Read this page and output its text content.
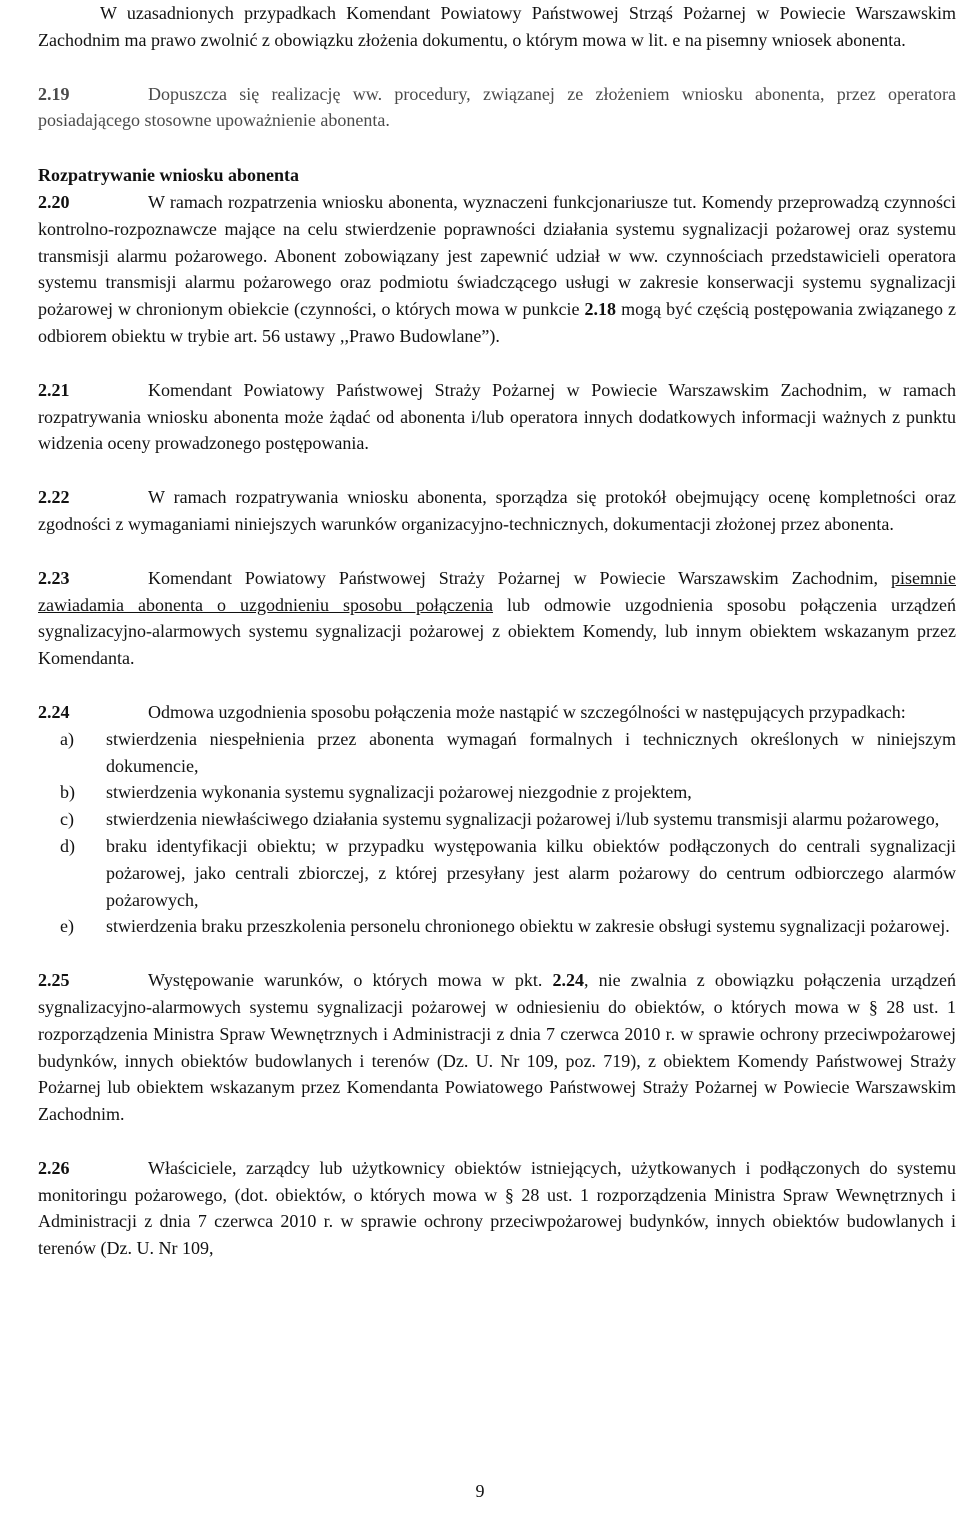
W uzasadnionych przypadkach Komendant Powiatowy Państwowej Strząś Pożarnej w Powiecie Warszawskim Zachodnim ma prawo zwolnić z obowiązku złożenia dokumentu, o którym mowa w lit. e na pisemny wniosek abonenta.

2.19	Dopuszcza się realizację ww. procedury, związanej ze złożeniem wniosku abonenta, przez operatora posiadającego stosowne upoważnienie abonenta.

Rozpatrywanie wniosku abonenta

2.20	W ramach rozpatrzenia wniosku abonenta, wyznaczeni funkcjonariusze tut. Komendy przeprowadzą czynności kontrolno-rozpoznawcze mające na celu stwierdzenie poprawności działania systemu sygnalizacji pożarowej oraz systemu transmisji alarmu pożarowego. Abonent zobowiązany jest zapewnić udział w ww. czynnościach przedstawicieli operatora systemu transmisji alarmu pożarowego oraz podmiotu świadczącego usługi w zakresie konserwacji systemu sygnalizacji pożarowej w chronionym obiekcie (czynności, o których mowa w punkcie 2.18 mogą być częścią postępowania związanego z odbiorem obiektu w trybie art. 56 ustawy ,,Prawo Budowlane”).

2.21	Komendant Powiatowy Państwowej Straży Pożarnej w Powiecie Warszawskim Zachodnim, w ramach rozpatrywania wniosku abonenta może żądać od abonenta i/lub operatora innych dodatkowych informacji ważnych z punktu widzenia oceny prowadzonego postępowania.

2.22	W ramach rozpatrywania wniosku abonenta, sporządza się protokół obejmujący ocenę kompletności oraz zgodności z wymaganiami niniejszych warunków organizacyjno-technicznych, dokumentacji złożonej przez abonenta.

2.23	Komendant Powiatowy Państwowej Straży Pożarnej w Powiecie Warszawskim Zachodnim, pisemnie zawiadamia abonenta o uzgodnieniu sposobu połączenia lub odmowie uzgodnienia sposobu połączenia urządzeń sygnalizacyjno-alarmowych systemu sygnalizacji pożarowej z obiektem Komendy, lub innym obiektem wskazanym przez Komendanta.

2.24	Odmowa uzgodnienia sposobu połączenia może nastąpić w szczególności w następujących przypadkach:

a) stwierdzenia niespełnienia przez abonenta wymagań formalnych i technicznych określonych w niniejszym dokumencie,
b) stwierdzenia wykonania systemu sygnalizacji pożarowej niezgodnie z projektem,
c) stwierdzenia niewłaściwego działania systemu sygnalizacji pożarowej i/lub systemu transmisji alarmu pożarowego,
d) braku identyfikacji obiektu; w przypadku występowania kilku obiektów podłączonych do centrali sygnalizacji pożarowej, jako centrali zbiorczej, z której przesyłany jest alarm pożarowy do centrum odbiorczego alarmów pożarowych,
e) stwierdzenia braku przeszkolenia personelu chronionego obiektu w zakresie obsługi systemu sygnalizacji pożarowej.

2.25	Występowanie warunków, o których mowa w pkt. 2.24, nie zwalnia z obowiązku połączenia urządzeń sygnalizacyjno-alarmowych systemu sygnalizacji pożarowej w odniesieniu do obiektów, o których mowa w § 28 ust. 1 rozporządzenia Ministra Spraw Wewnętrznych i Administracji z dnia 7 czerwca 2010 r. w sprawie ochrony przeciwpożarowej budynków, innych obiektów budowlanych i terenów (Dz. U. Nr 109, poz. 719), z obiektem Komendy Państwowej Straży Pożarnej lub obiektem wskazanym przez Komendanta Powiatowego Państwowej Straży Pożarnej w Powiecie Warszawskim Zachodnim.

2.26	Właściciele, zarządcy lub użytkownicy obiektów istniejących, użytkowanych i podłączonych do systemu monitoringu pożarowego, (dot. obiektów, o których mowa w § 28 ust. 1 rozporządzenia Ministra Spraw Wewnętrznych i Administracji z dnia 7 czerwca 2010 r. w sprawie ochrony przeciwpożarowej budynków, innych obiektów budowlanych i terenów (Dz. U. Nr 109,

9
